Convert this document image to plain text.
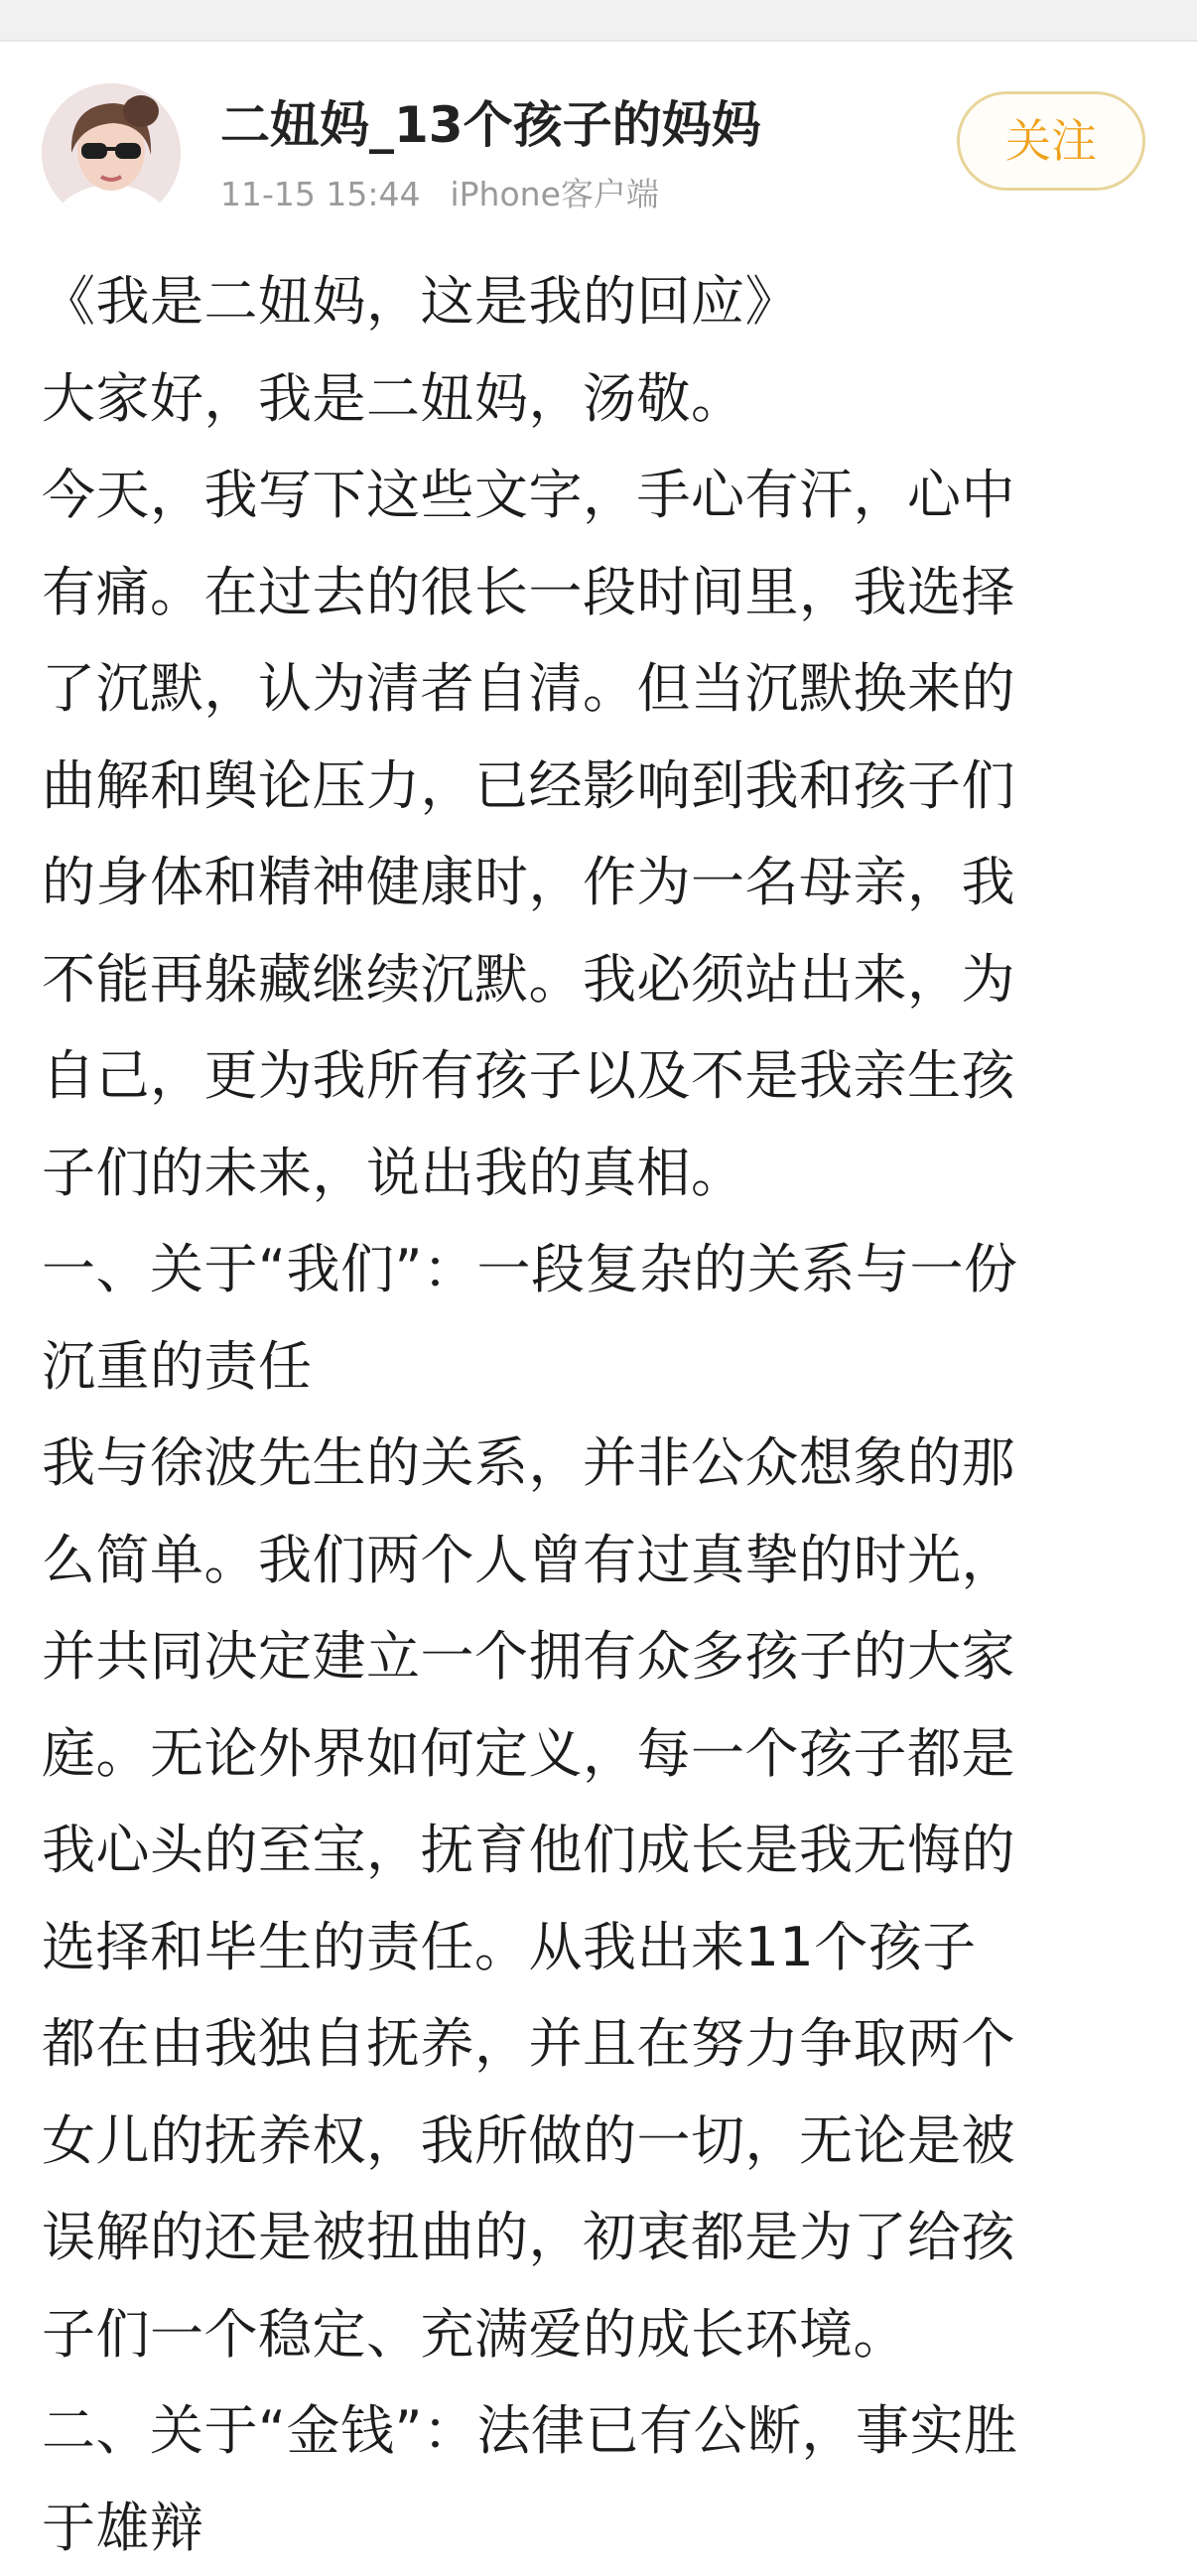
二妞妈_13个孩子的妈妈
11-15 15:44 iPhone客户端
关注
《我是二妞妈，这是我的回应》
大家好，我是二妞妈，汤敬。
今天，我写下这些文字，手心有汗，心中
有痛。在过去的很长一段时间里，我选择
了沉默，认为清者自清。但当沉默换来的
曲解和舆论压力，已经影响到我和孩子们
的身体和精神健康时，作为一名母亲，我
不能再躲藏继续沉默。我必须站出来，为
自己，更为我所有孩子以及不是我亲生孩
子们的未来，说出我的真相。
一、关于“我们”：一段复杂的关系与一份
沉重的责任
我与徐波先生的关系，并非公众想象的那
么简单。我们两个人曾有过真挚的时光，
并共同决定建立一个拥有众多孩子的大家
庭。无论外界如何定义，每一个孩子都是
我心头的至宝，抚育他们成长是我无悔的
选择和毕生的责任。从我出来11个孩子
都在由我独自抚养，并且在努力争取两个
女儿的抚养权，我所做的一切，无论是被
误解的还是被扭曲的，初衷都是为了给孩
子们一个稳定、充满爱的成长环境。
二、关于“金钱”：法律已有公断，事实胜
于雄辩
